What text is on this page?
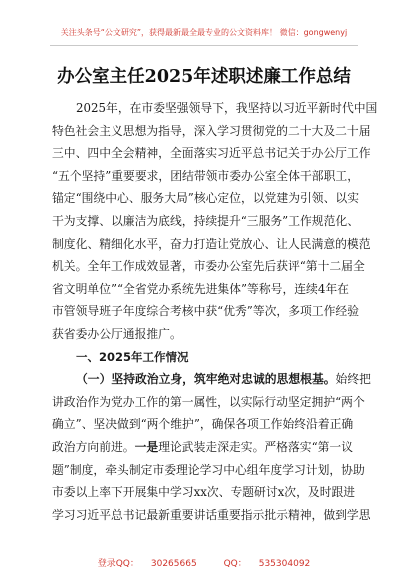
关注头条号“公文研究”，获得最新最全最专业的公文资料库！ 微信：gongwenyj
办公室主任2025年述职述廉工作总结
2025年，在市委坚强领导下，我坚持以习近平新时代中国
特色社会主义思想为指导，深入学习贯彻党的二十大及二十届
三中、四中全会精神，全面落实习近平总书记关于办公厅工作
“五个坚持”重要要求，团结带领市委办公室全体干部职工，
锚定“围绕中心、服务大局”核心定位，以党建为引领、以实
干为支撑、以廉洁为底线，持续提升“三服务”工作规范化、
制度化、精细化水平，奋力打造让党放心、让人民满意的模范
机关。全年工作成效显著，市委办公室先后获评“第十二届全
省文明单位”“全省党办系统先进集体”等称号，连续4年在
市管领导班子年度综合考核中获“优秀”等次，多项工作经验
获省委办公厅通报推广。
一、2025年工作情况
（一）坚持政治立身，筑牢绝对忠诚的思想根基。始终把
讲政治作为党办工作的第一属性，以实际行动坚定拥护“两个
确立”、坚决做到“两个维护”，确保各项工作始终沿着正确
政治方向前进。一是理论武装走深走实。严格落实“第一议
题”制度，牵头制定市委理论学习中心组年度学习计划，协助
市委以上率下开展集中学习xx次、专题研讨x次，及时跟进
学习习近平总书记最新重要讲话重要指示批示精神，做到学思
登录QQ： 30265665	QQ： 535304092
